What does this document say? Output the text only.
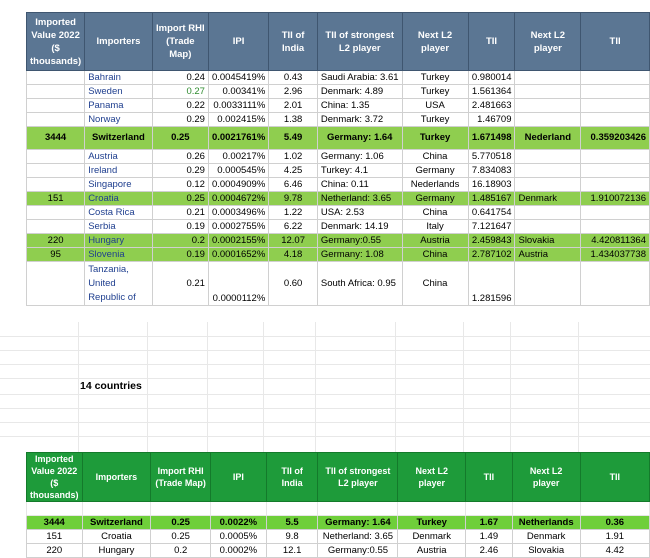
Imported Value 2022 ($ thousands)	Importers	Import RHI (Trade Map)	IPI	TII of India	TII of strongest L2 player	Next L2 player	TII	Next L2 player	TII
	Bahrain	0.24	0.0045419%	0.43	Saudi Arabia: 3.61	Turkey	0.980014		
	Sweden	0.27	0.00341%	2.96	Denmark: 4.89	Turkey	1.561364		
	Panama	0.22	0.0033111%	2.01	China: 1.35	USA	2.481663		
	Norway	0.29	0.002415%	1.38	Denmark: 3.72	Turkey	1.46709		
3444	Switzerland	0.25	0.0021761%	5.49	Germany: 1.64	Turkey	1.671498	Nederland	0.359203426
	Austria	0.26	0.00217%	1.02	Germany: 1.06	China	5.770518		
	Ireland	0.29	0.000545%	4.25	Turkey: 4.1	Germany	7.834083		
	Singapore	0.12	0.0004909%	6.46	China: 0.11	Nederlands	16.18903		
151	Croatia	0.25	0.0004672%	9.78	Netherland: 3.65	Germany	1.485167	Denmark	1.910072136
	Costa Rica	0.21	0.0003496%	1.22	USA: 2.53	China	0.641754		
	Serbia	0.19	0.0002755%	6.22	Denmark: 14.19	Italy	7.121647		
220	Hungary	0.2	0.0002155%	12.07	Germany:0.55	Austria	2.459843	Slovakia	4.420811364
95	Slovenia	0.19	0.0001652%	4.18	Germany: 1.08	China	2.787102	Austria	1.434037738

	Tanzania,
United
Republic of	0.21	0.0000112%	0.60	South Africa: 0.95	China	1.281596		
14 countries
Imported Value 2022 ($ thousands)	Importers	Import RHI (Trade Map)	IPI	TII of India	TII of strongest L2 player	Next L2 player	TII	Next L2 player	TII

3444	Switzerland	0.25	0.0022%	5.5	Germany: 1.64	Turkey	1.67	Netherlands	0.36
151	Croatia	0.25	0.0005%	9.8	Netherland: 3.65	Denmark	1.49	Denmark	1.91
220	Hungary	0.2	0.0002%	12.1	Germany:0.55	Austria	2.46	Slovakia	4.42
